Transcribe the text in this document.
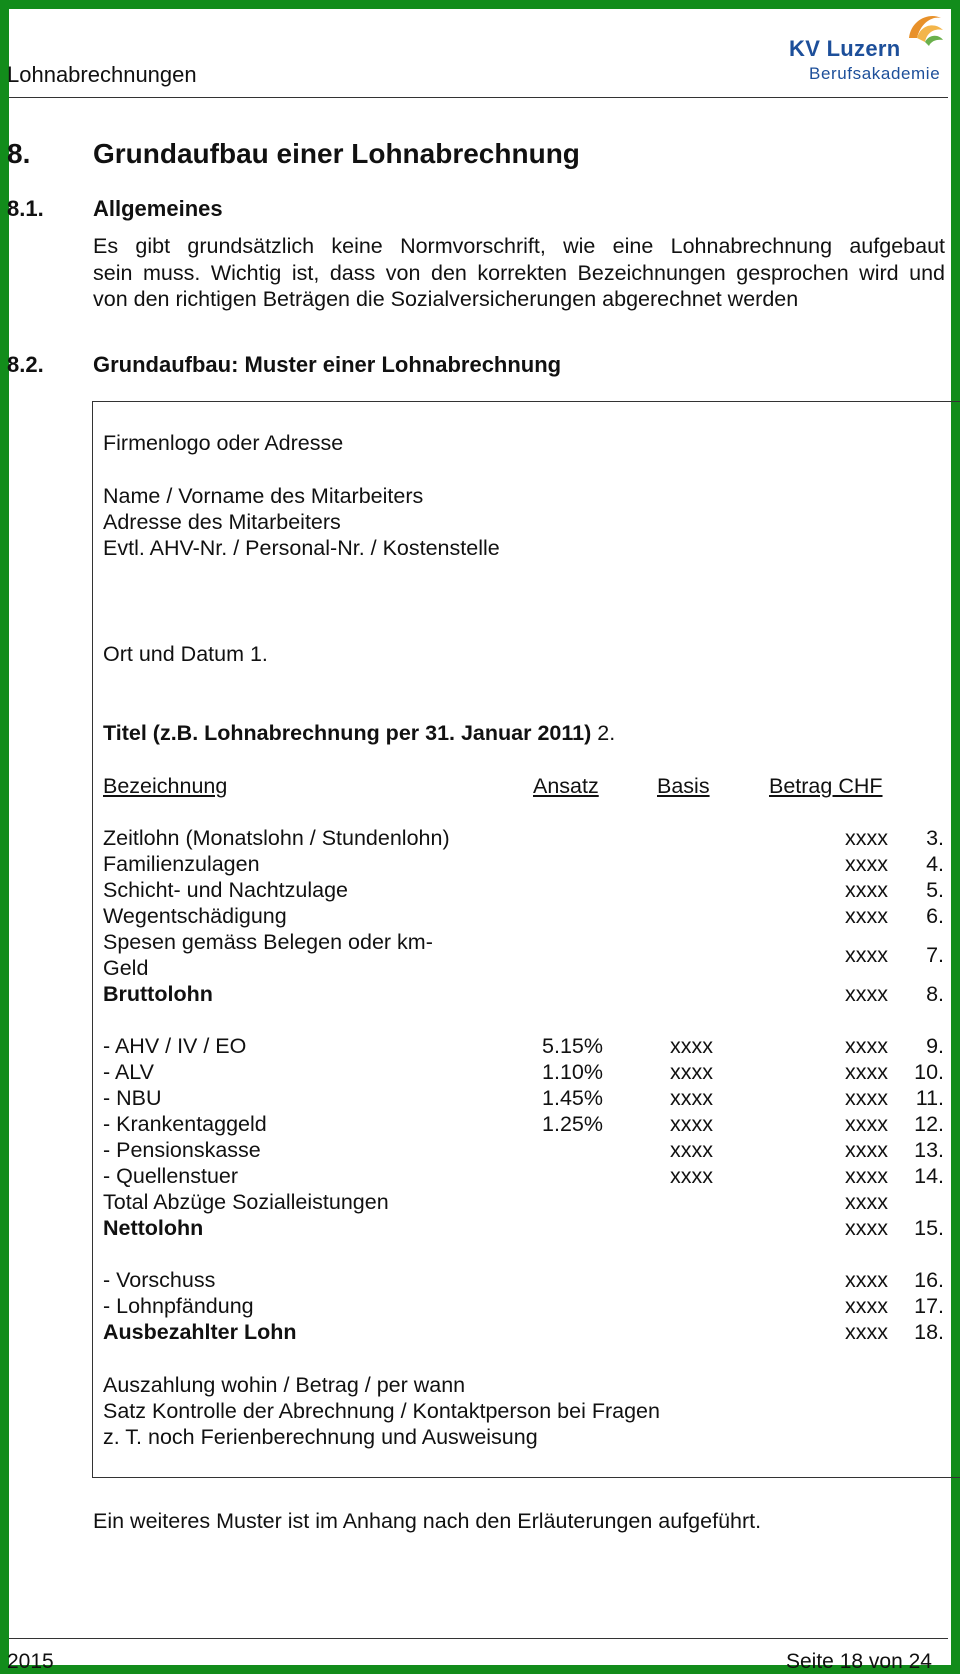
Lohnabrechnungen
KV Luzern
Berufsakademie
8. Grundaufbau einer Lohnabrechnung
8.1. Allgemeines
Es gibt grundsätzlich keine Normvorschrift, wie eine Lohnabrechnung aufgebaut
sein muss. Wichtig ist, dass von den korrekten Bezeichnungen gesprochen wird und
von den richtigen Beträgen die Sozialversicherungen abgerechnet werden
8.2. Grundaufbau: Muster einer Lohnabrechnung
Firmenlogo oder Adresse
Name / Vorname des Mitarbeiters
Adresse des Mitarbeiters
Evtl. AHV-Nr. / Personal-Nr. / Kostenstelle
Ort und Datum 1.
Titel (z.B. Lohnabrechnung per 31. Januar 2011) 2.
Bezeichnung	Ansatz	Basis	Betrag CHF
Zeitlohn (Monatslohn / Stundenlohn)	xxxx	3.
Familienzulagen	xxxx	4.
Schicht- und Nachtzulage	xxxx	5.
Wegentschädigung	xxxx	6.
Spesen gemäss Belegen oder km-
Geld
xxxx	7.
Bruttolohn	xxxx	8.
- AHV / IV / EO	5.15%	xxxx	xxxx	9.
- ALV	1.10%	xxxx	xxxx	10.
- NBU	1.45%	xxxx	xxxx	11.
- Krankentaggeld	1.25%	xxxx	xxxx	12.
- Pensionskasse	xxxx	xxxx	13.
- Quellenstuer	xxxx	xxxx	14.
Total Abzüge Sozialleistungen	xxxx
Nettolohn	xxxx	15.
- Vorschuss	xxxx	16.
- Lohnpfändung	xxxx	17.
Ausbezahlter Lohn	xxxx	18.
Auszahlung wohin / Betrag / per wann
Satz Kontrolle der Abrechnung / Kontaktperson bei Fragen
z. T. noch Ferienberechnung und Ausweisung
Ein weiteres Muster ist im Anhang nach den Erläuterungen aufgeführt.
2015	Seite 18 von 24
